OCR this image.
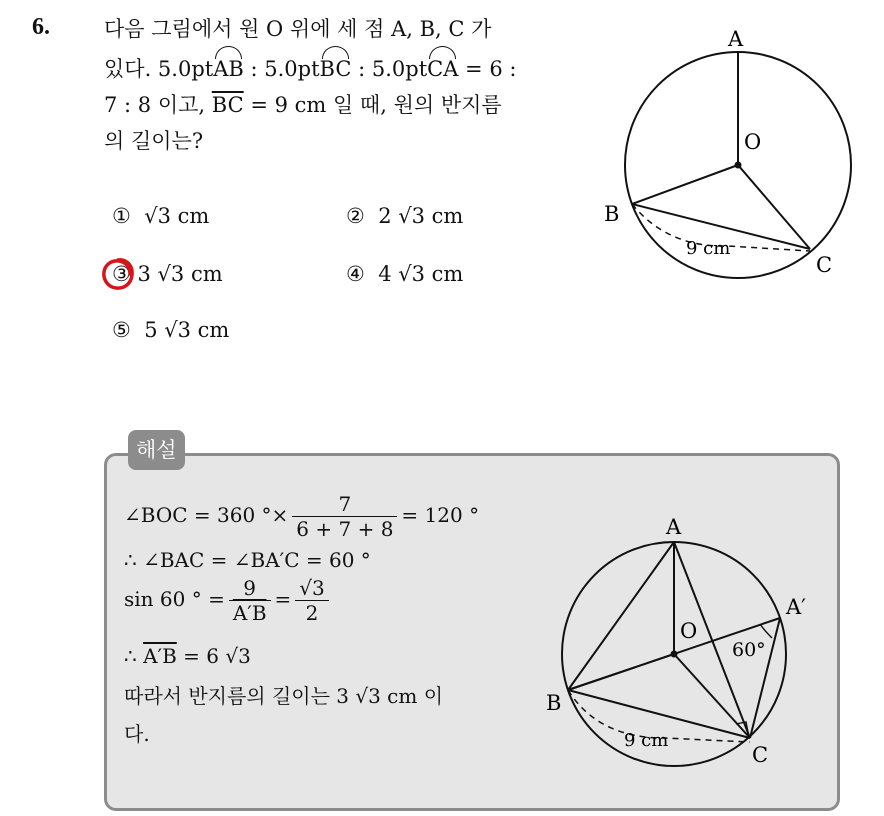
6.	다음 그림에서 원 O 위에 세 점 A, B, C 가
있다. 5.0ptAB : 5.0ptBC : 5.0ptCA = 6 :
7 : 8 이고, $\overline{BC} = 9$ cm 일 때, 원의 반지름
의 길이는?
① √3 cm	② 2 √3 cm
③ 3 √3 cm	④ 4 √3 cm
⑤ 5 √3 cm
A
O
B
C
9 cm
해설
∠BOC = 360 °× $\frac{7}{6 + 7 + 8} = 120$ °
∴ ∠BAC = ∠BA′C = 60 °
sin 60 ° = $\frac{9}{A'B} = \frac{√3}{2}$
∴ A′B = 6 √3
따라서 반지름의 길이는 3 √3 cm 이
다.
A
A′
O
B
C
60°
9 cm
